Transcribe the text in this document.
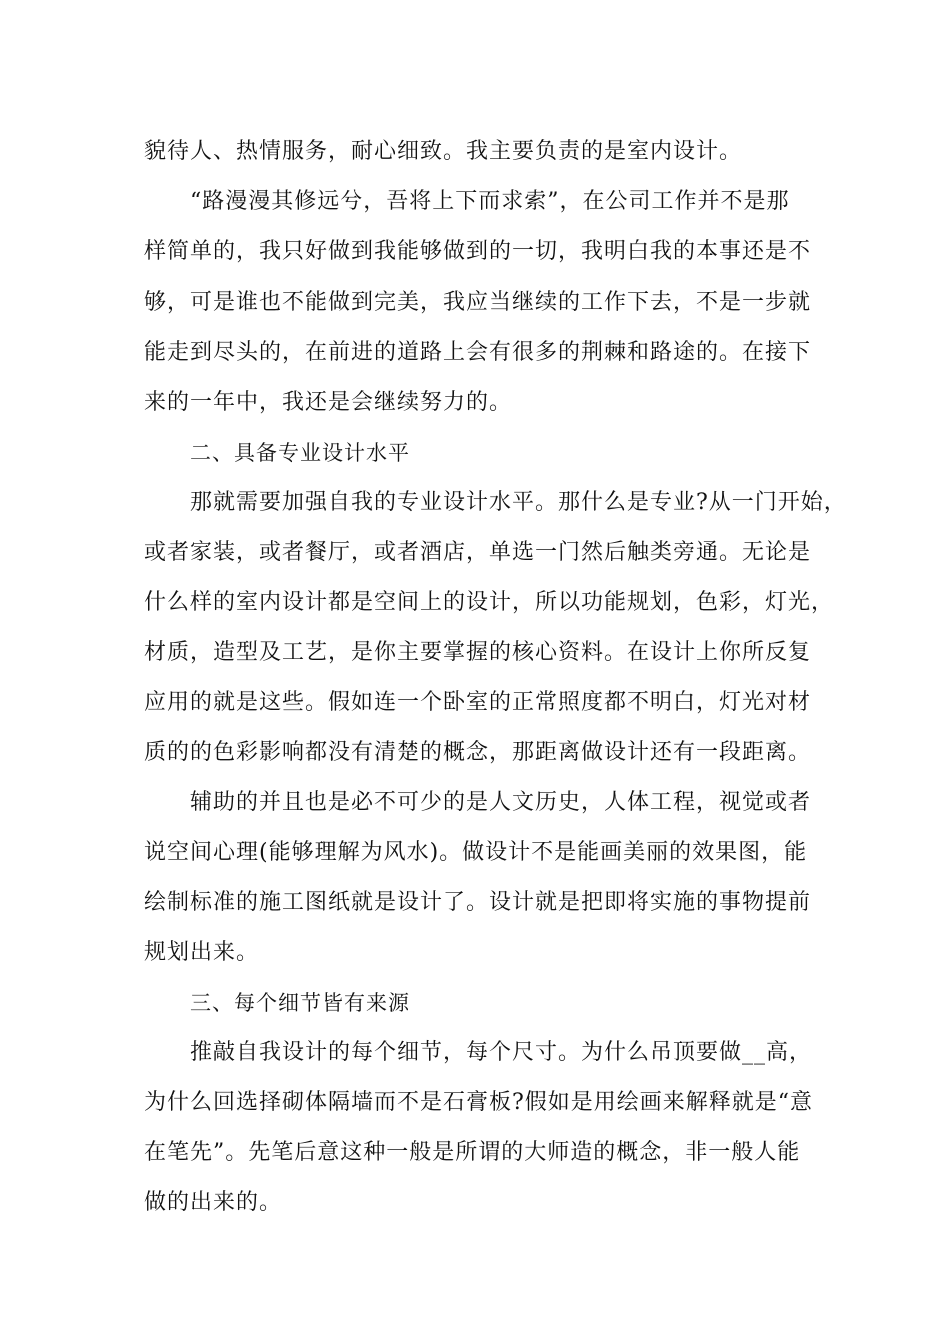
貌待人、热情服务，耐心细致。我主要负责的是室内设计。
“路漫漫其修远兮，吾将上下而求索”，在公司工作并不是那
样简单的，我只好做到我能够做到的一切，我明白我的本事还是不
够，可是谁也不能做到完美，我应当继续的工作下去，不是一步就
能走到尽头的，在前进的道路上会有很多的荆棘和路途的。在接下
来的一年中，我还是会继续努力的。
二、具备专业设计水平
那就需要加强自我的专业设计水平。那什么是专业?从一门开始，
或者家装，或者餐厅，或者酒店，单选一门然后触类旁通。无论是
什么样的室内设计都是空间上的设计，所以功能规划，色彩，灯光，
材质，造型及工艺，是你主要掌握的核心资料。在设计上你所反复
应用的就是这些。假如连一个卧室的正常照度都不明白，灯光对材
质的的色彩影响都没有清楚的概念，那距离做设计还有一段距离。
辅助的并且也是必不可少的是人文历史，人体工程，视觉或者
说空间心理(能够理解为风水)。做设计不是能画美丽的效果图，能
绘制标准的施工图纸就是设计了。设计就是把即将实施的事物提前
规划出来。
三、每个细节皆有来源
推敲自我设计的每个细节，每个尺寸。为什么吊顶要做__高，
为什么回选择砌体隔墙而不是石膏板?假如是用绘画来解释就是“意
在笔先”。先笔后意这种一般是所谓的大师造的概念，非一般人能
做的出来的。
